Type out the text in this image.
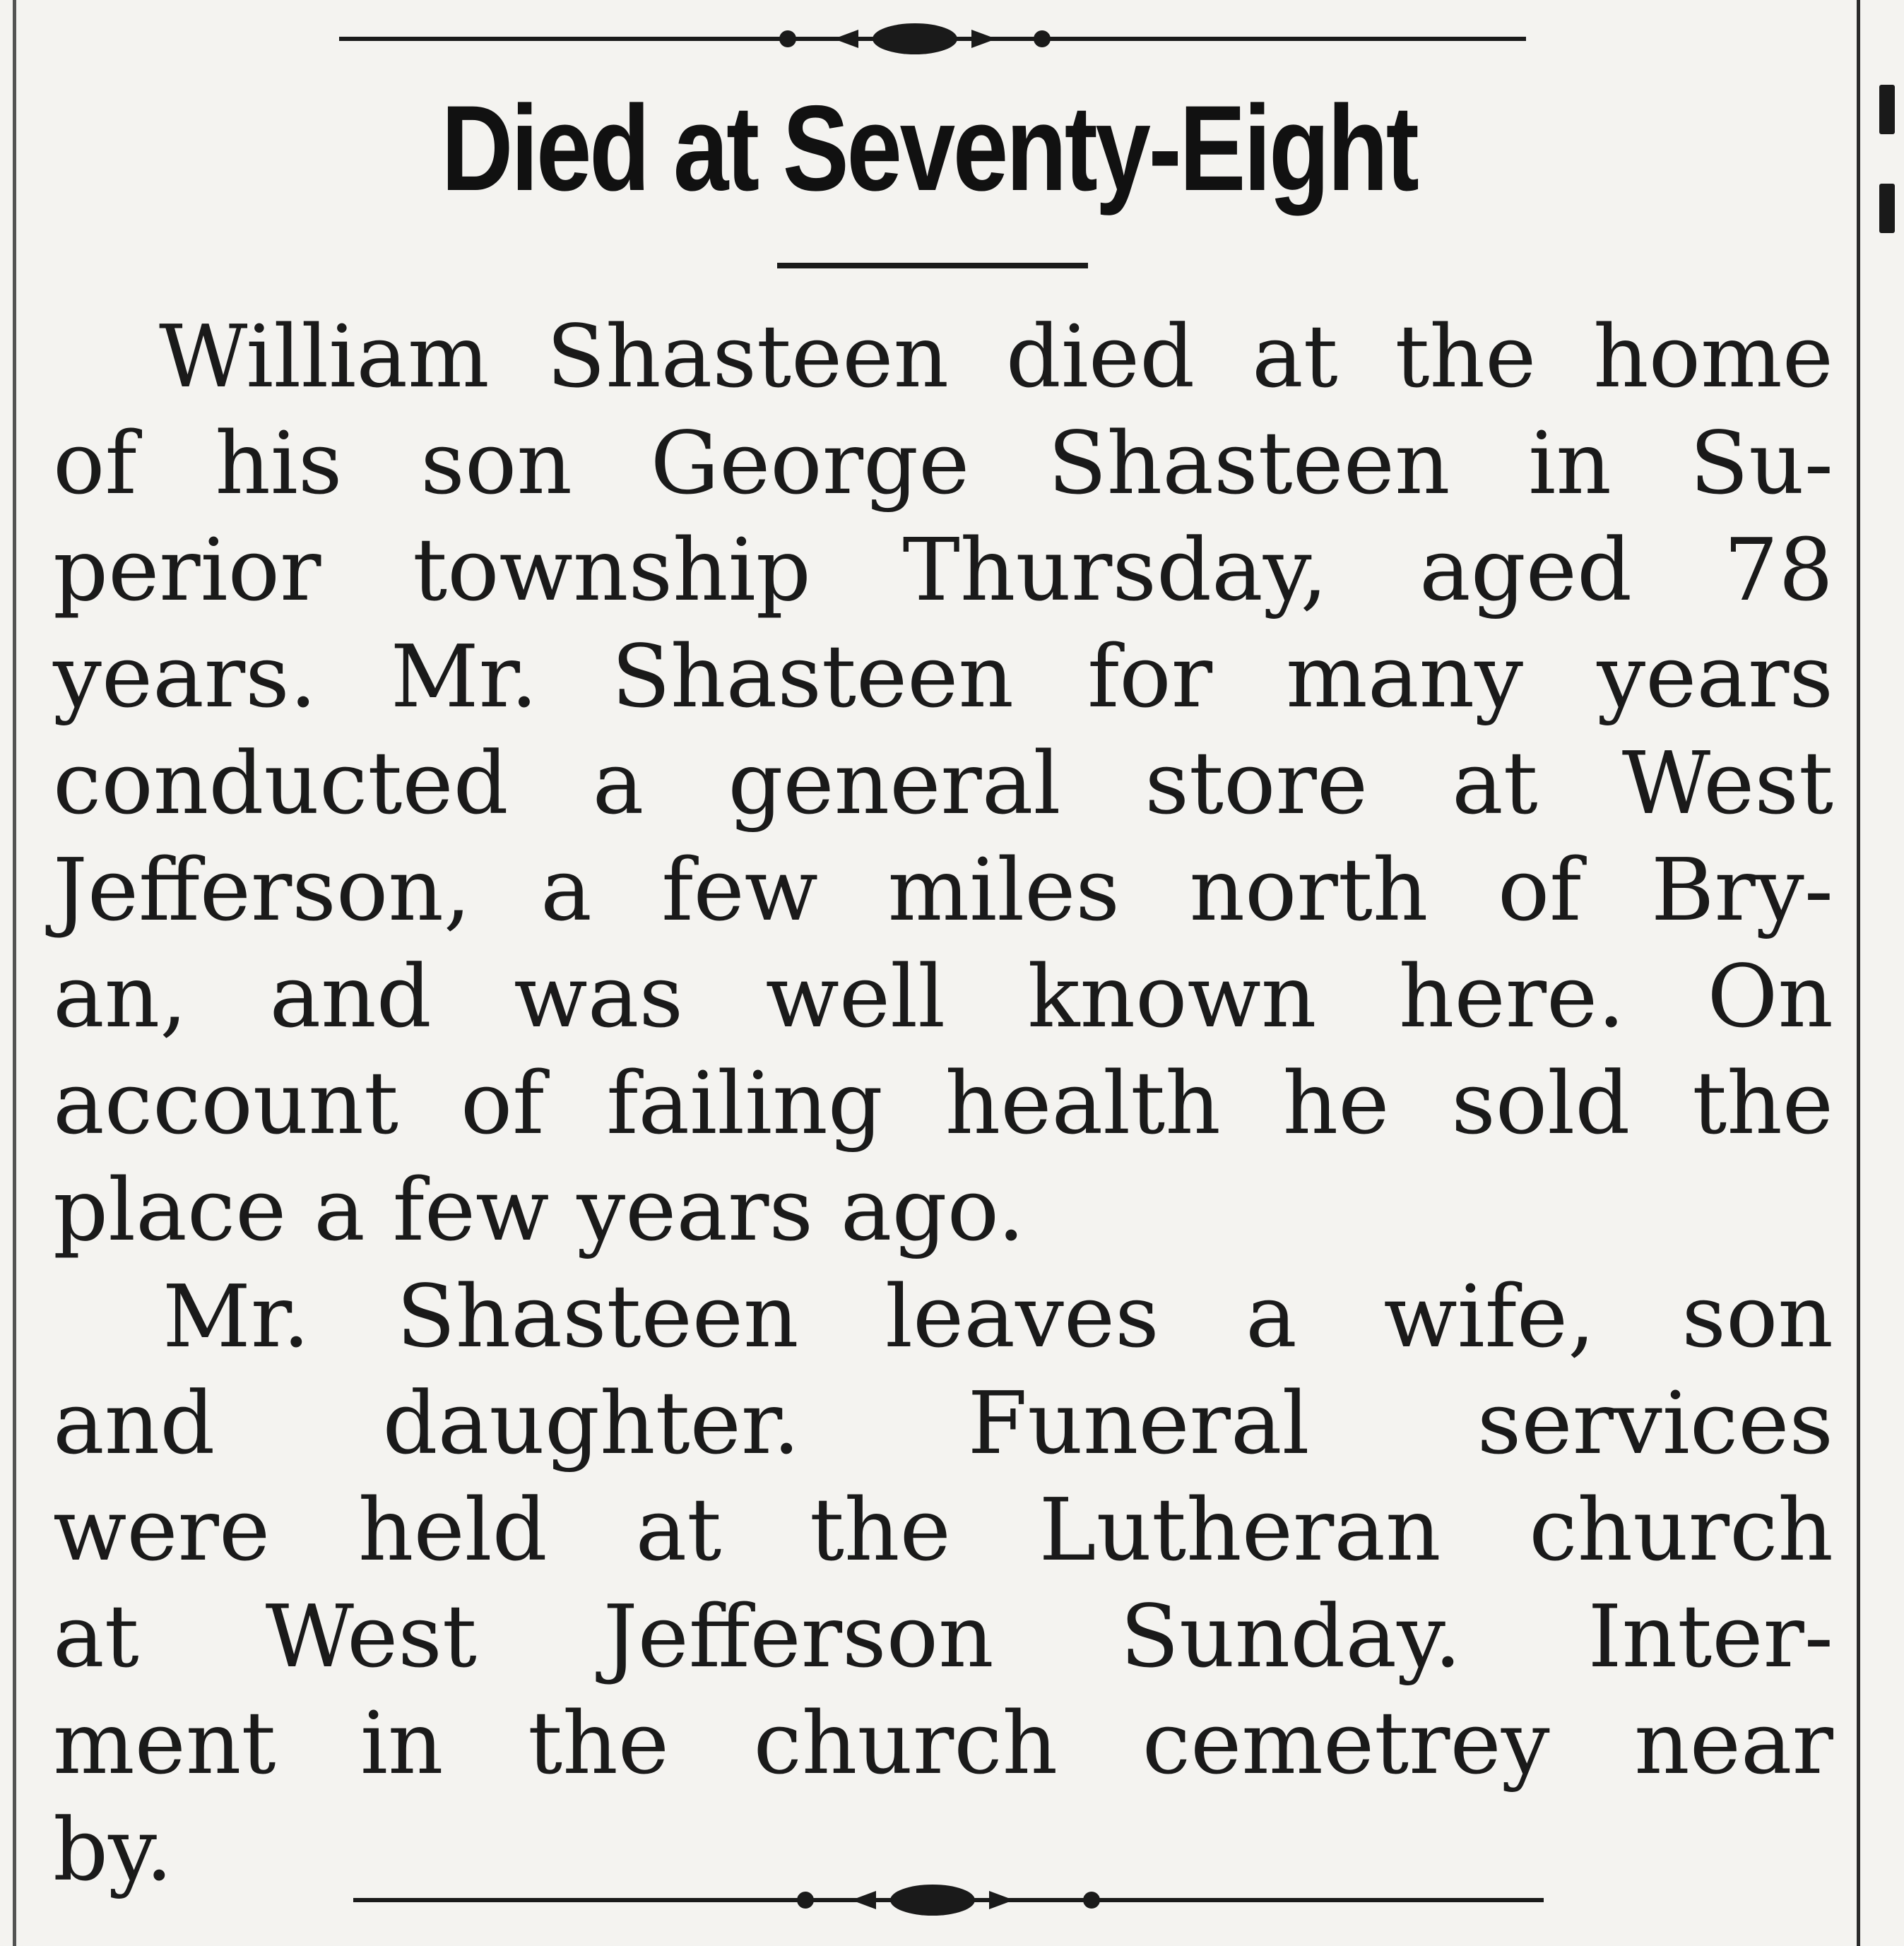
Died at Seventy-Eight
William Shasteen died at the home
of his son George Shasteen in Su-
perior township Thursday, aged 78
years. Mr. Shasteen for many years
conducted a general store at West
Jefferson, a few miles north of Bry-
an, and was well known here. On
account of failing health he sold the
place a few years ago.
Mr. Shasteen leaves a wife, son
and daughter. Funeral services
were held at the Lutheran church
at West Jefferson Sunday. Inter-
ment in the church cemetrey near
by.
